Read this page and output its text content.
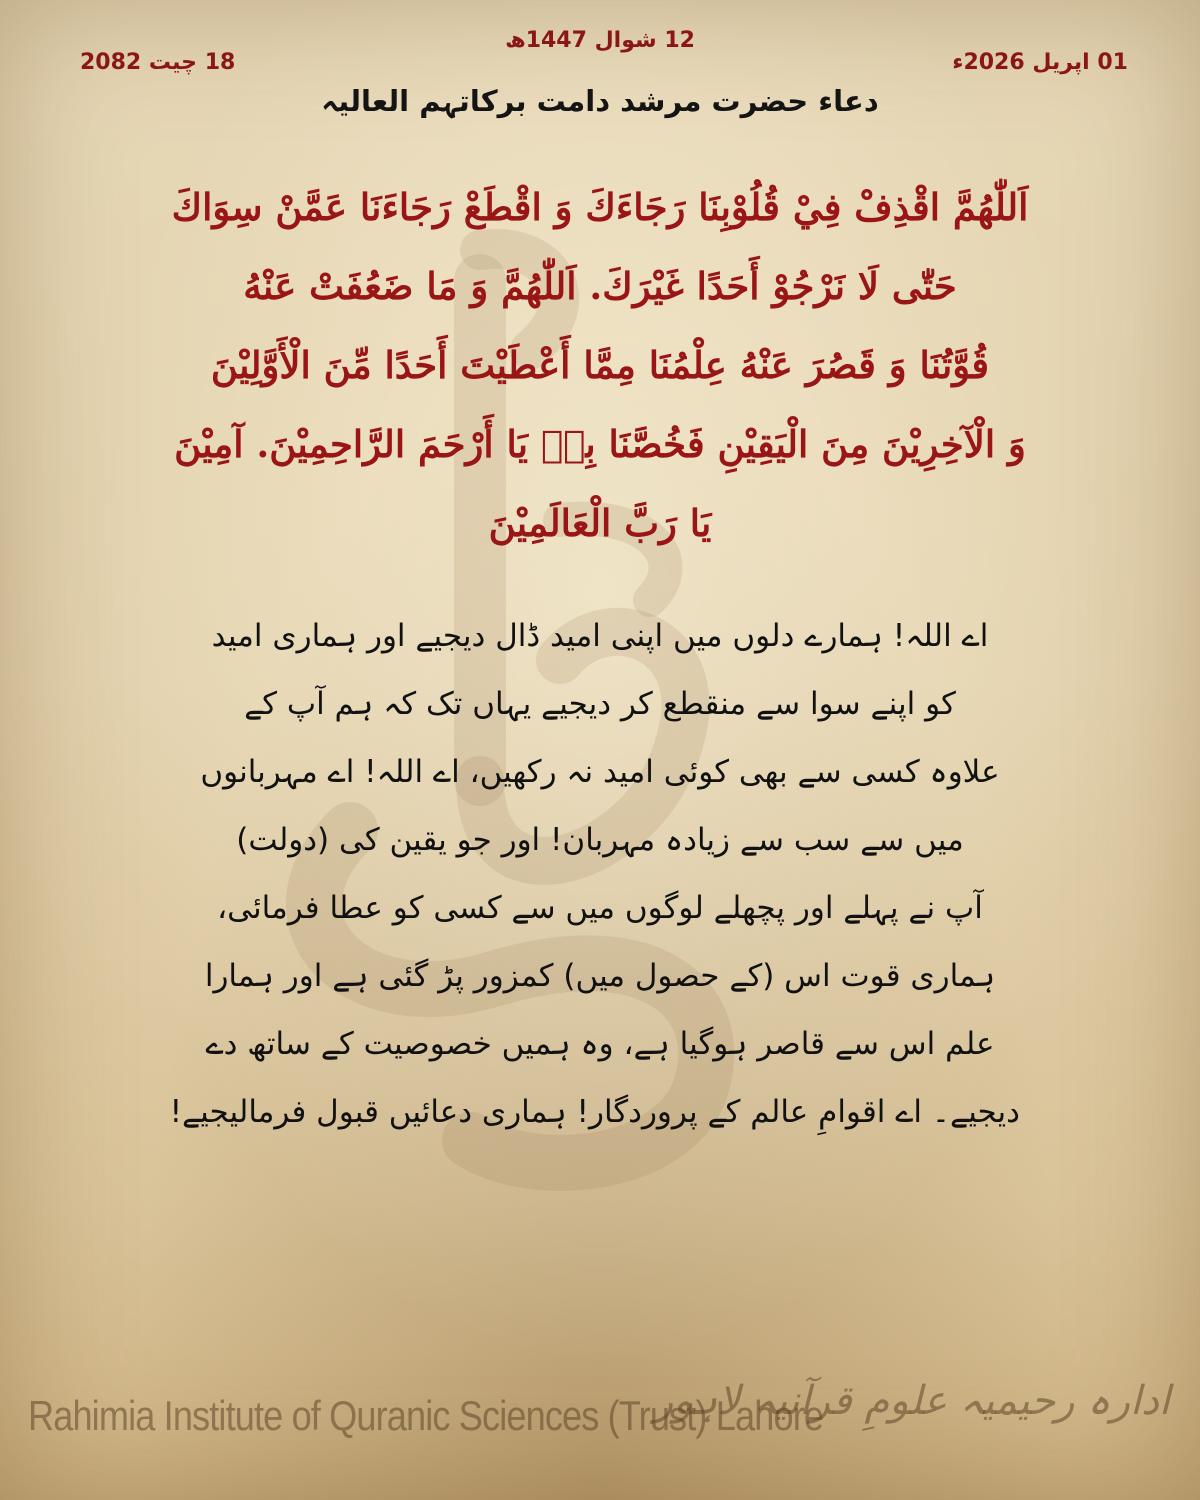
12 شوال 1447ھ
01 اپریل 2026ء
18 چیت 2082
دعاء حضرت مرشد دامت برکاتہم العالیہ
اَللّٰهُمَّ اقْذِفْ فِيْ قُلُوْبِنَا رَجَاءَكَ وَ اقْطَعْ رَجَاءَنَا عَمَّنْ سِوَاكَ
حَتّٰى لَا نَرْجُوْ أَحَدًا غَيْرَكَ. اَللّٰهُمَّ وَ مَا ضَعُفَتْ عَنْهُ
قُوَّتُنَا وَ قَصُرَ عَنْهُ عِلْمُنَا مِمَّا أَعْطَيْتَ أَحَدًا مِّنَ الْأَوَّلِيْنَ
وَ الْآخِرِيْنَ مِنَ الْيَقِيْنِ فَخُصَّنَا بِهٖ يَا أَرْحَمَ الرَّاحِمِيْنَ. آمِيْنَ
يَا رَبَّ الْعَالَمِيْنَ
اے اللہ! ہمارے دلوں میں اپنی امید ڈال دیجیے اور ہماری امید
کو اپنے سوا سے منقطع کر دیجیے یہاں تک کہ ہم آپ کے
علاوہ کسی سے بھی کوئی امید نہ رکھیں، اے اللہ! اے مہربانوں
میں سے سب سے زیادہ مہربان! اور جو یقین کی (دولت)
آپ نے پہلے اور پچھلے لوگوں میں سے کسی کو عطا فرمائی،
ہماری قوت اس (کے حصول میں) کمزور پڑ گئی ہے اور ہمارا
علم اس سے قاصر ہوگیا ہے، وہ ہمیں خصوصیت کے ساتھ دے
دیجیے۔ اے اقوامِ عالم کے پروردگار! ہماری دعائیں قبول فرمالیجیے!
Rahimia Institute of Quranic Sciences (Trust) Lahore
ادارہ رحیمیہ علومِ قرآنیہ لاہور
